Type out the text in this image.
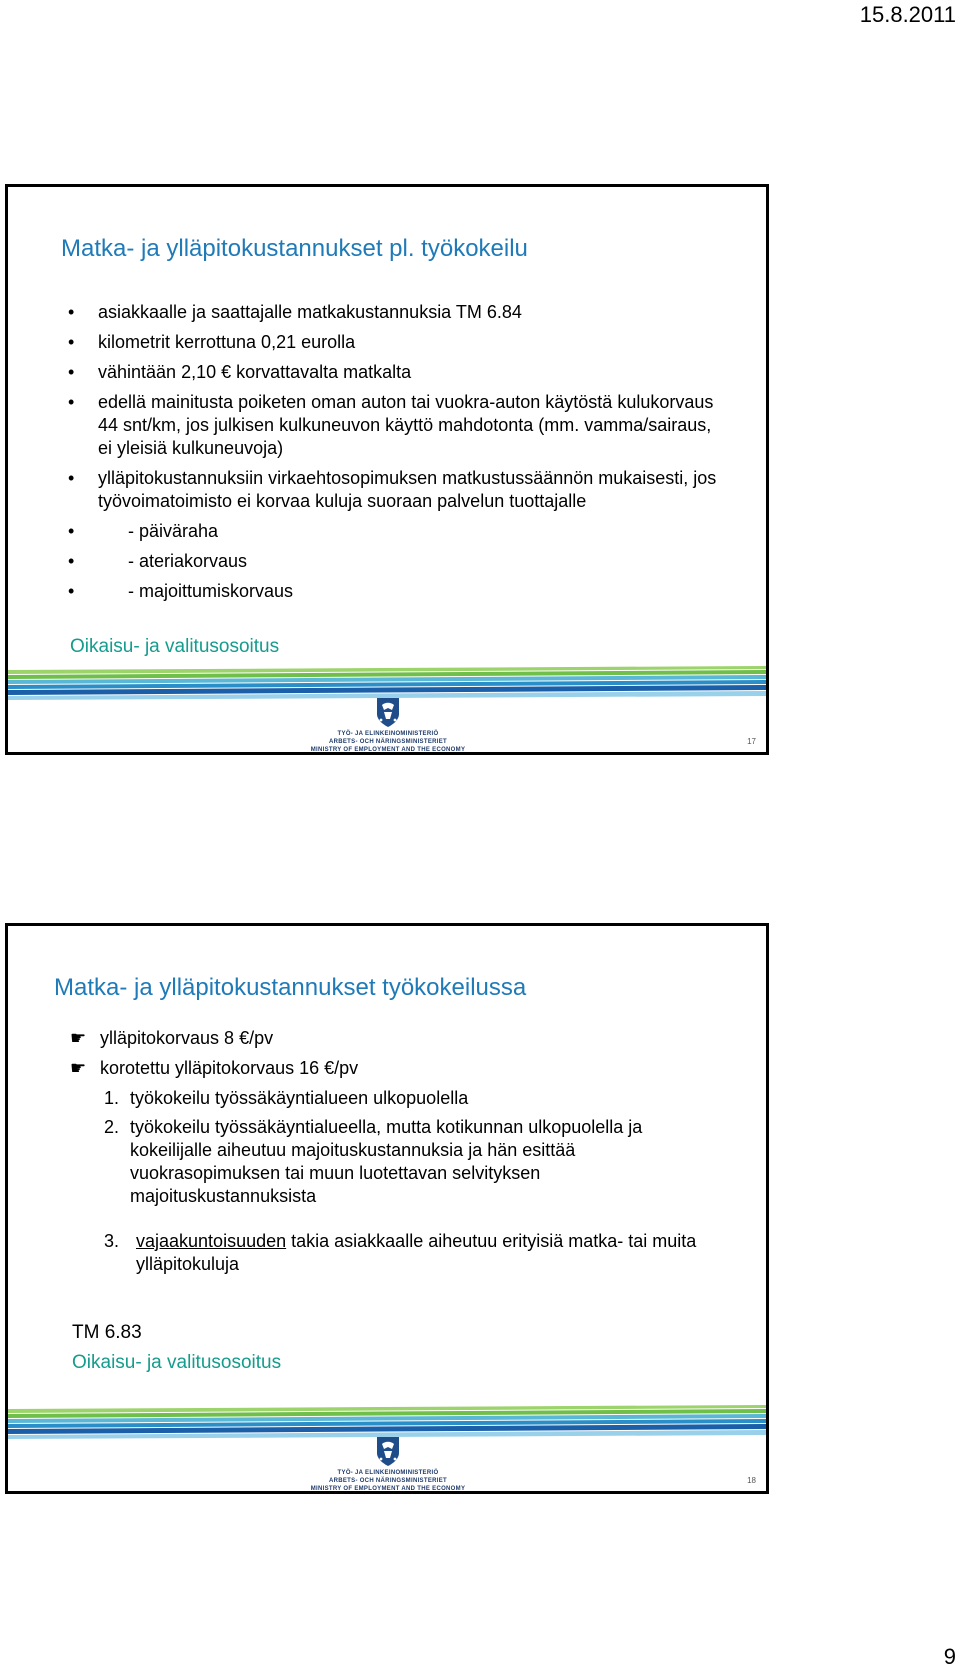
15.8.2011
Matka- ja ylläpitokustannukset pl. työkokeilu
• asiakkaalle ja saattajalle matkakustannuksia TM 6.84
• kilometrit kerrottuna 0,21 eurolla
• vähintään 2,10 € korvattavalta matkalta
• edellä mainitusta poiketen oman auton tai vuokra-auton käytöstä kulukorvaus 44 snt/km, jos julkisen kulkuneuvon käyttö mahdotonta (mm. vamma/sairaus, ei yleisiä kulkuneuvoja)
• ylläpitokustannuksiin virkaehtosopimuksen matkustussäännön mukaisesti, jos työvoimatoimisto ei korvaa kuluja suoraan palvelun tuottajalle
•	- päiväraha
•	- ateriakorvaus
•	- majoittumiskorvaus
Oikaisu- ja valitusosoitus
TYÖ- JA ELINKEINOMINISTERIÖ
ARBETS- OCH NÄRINGSMINISTERIET
MINISTRY OF EMPLOYMENT AND THE ECONOMY
17
Matka- ja ylläpitokustannukset työkokeilussa
☛ ylläpitokorvaus 8 €/pv
☛ korotettu ylläpitokorvaus 16 €/pv
1. työkokeilu työssäkäyntialueen ulkopuolella
2. työkokeilu työssäkäyntialueella, mutta kotikunnan ulkopuolella ja kokeilijalle aiheutuu majoituskustannuksia ja hän esittää vuokrasopimuksen tai muun luotettavan selvityksen majoituskustannuksista
3. vajaakuntoisuuden takia asiakkaalle aiheutuu erityisiä matka- tai muita ylläpitokuluja
TM 6.83
Oikaisu- ja valitusosoitus
TYÖ- JA ELINKEINOMINISTERIÖ
ARBETS- OCH NÄRINGSMINISTERIET
MINISTRY OF EMPLOYMENT AND THE ECONOMY
18
9
